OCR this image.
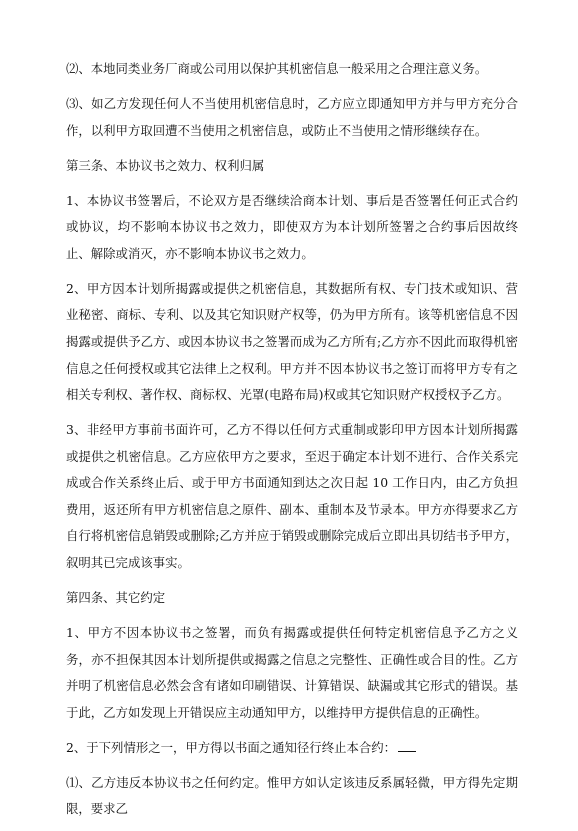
⑵、本地同类业务厂商或公司用以保护其机密信息一般采用之合理注意义务。

⑶、如乙方发现任何人不当使用机密信息时，乙方应立即通知甲方并与甲方充分合作，以利甲方取回遭不当使用之机密信息，或防止不当使用之情形继续存在。

第三条、本协议书之效力、权利归属

1、本协议书签署后，不论双方是否继续洽商本计划、事后是否签署任何正式合约或协议，均不影响本协议书之效力，即使双方为本计划所签署之合约事后因故终止、解除或消灭，亦不影响本协议书之效力。

2、甲方因本计划所揭露或提供之机密信息，其数据所有权、专门技术或知识、营业秘密、商标、专利、以及其它知识财产权等，仍为甲方所有。该等机密信息不因揭露或提供予乙方、或因本协议书之签署而成为乙方所有;乙方亦不因此而取得机密信息之任何授权或其它法律上之权利。甲方并不因本协议书之签订而将甲方专有之相关专利权、著作权、商标权、光罩(电路布局)权或其它知识财产权授权予乙方。

3、非经甲方事前书面许可，乙方不得以任何方式重制或影印甲方因本计划所揭露或提供之机密信息。乙方应依甲方之要求，至迟于确定本计划不进行、合作关系完成或合作关系终止后、或于甲方书面通知到达之次日起 10 工作日内，由乙方负担费用，返还所有甲方机密信息之原件、副本、重制本及节录本。甲方亦得要求乙方自行将机密信息销毁或删除;乙方并应于销毁或删除完成后立即出具切结书予甲方，叙明其已完成该事实。

第四条、其它约定

1、甲方不因本协议书之签署，而负有揭露或提供任何特定机密信息予乙方之义务，亦不担保其因本计划所提供或揭露之信息之完整性、正确性或合目的性。乙方并明了机密信息必然会含有诸如印刷错误、计算错误、缺漏或其它形式的错误。基于此，乙方如发现上开错误应主动通知甲方，以维持甲方提供信息的正确性。

2、于下列情形之一，甲方得以书面之通知径行终止本合约：

⑴、乙方违反本协议书之任何约定。惟甲方如认定该违反系属轻微，甲方得先定期限，要求乙
